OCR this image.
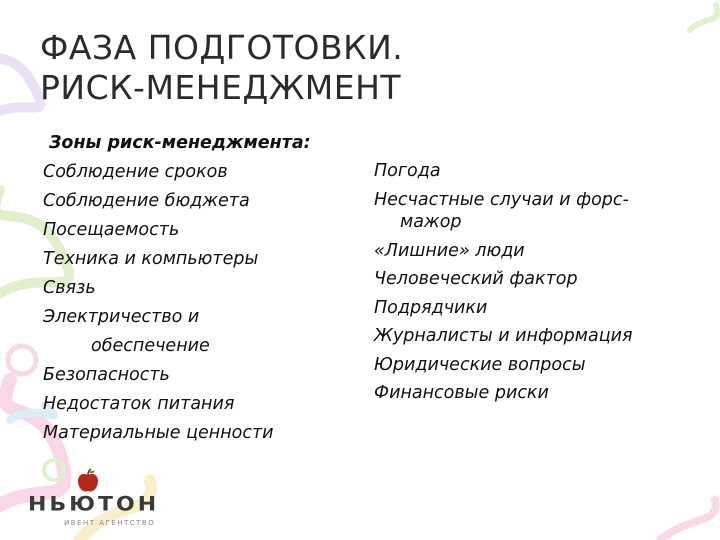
ФАЗА ПОДГОТОВКИ.
РИСК-МЕНЕДЖМЕНТ
Зоны риск-менеджмента:
Соблюдение сроков
Соблюдение бюджета
Посещаемость
Техника и компьютеры
Связь
Электричество и
обеспечение
Безопасность
Недостаток питания
Материальные ценности
Погода
Несчастные случаи и форс-
мажор
«Лишние» люди
Человеческий фактор
Подрядчики
Журналисты и информация
Юридические вопросы
Финансовые риски
НЬЮТОН
ИВЕНТ АГЕНТСТВО
